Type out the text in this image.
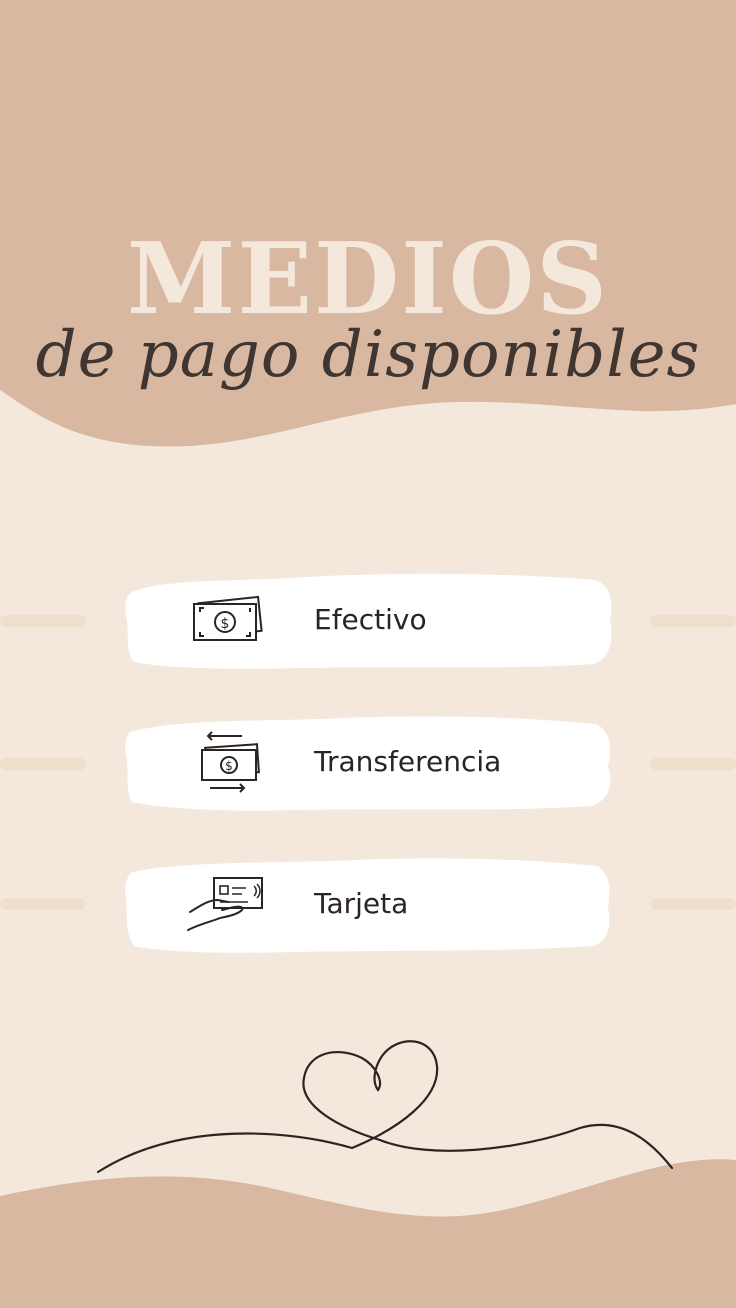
MEDIOS
de pago disponibles
$	Efectivo
$	Transferencia
Tarjeta
